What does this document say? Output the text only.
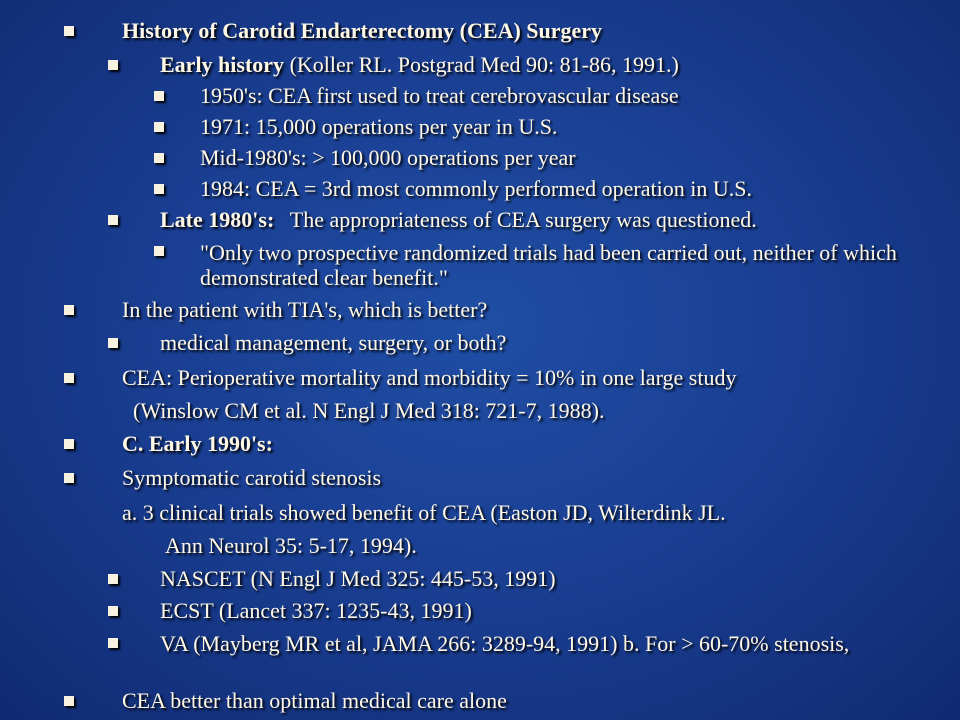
History of Carotid Endarterectomy (CEA) Surgery
Early history (Koller RL. Postgrad Med 90: 81-86, 1991.)
1950's: CEA first used to treat cerebrovascular disease
1971: 15,000 operations per year in U.S.
Mid-1980's: > 100,000 operations per year
1984: CEA = 3rd most commonly performed operation in U.S.
Late 1980's: The appropriateness of CEA surgery was questioned.
"Only two prospective randomized trials had been carried out, neither of which demonstrated clear benefit."
In the patient with TIA's, which is better?
medical management, surgery, or both?
CEA: Perioperative mortality and morbidity = 10% in one large study
(Winslow CM et al. N Engl J Med 318: 721-7, 1988).
C. Early 1990's:
Symptomatic carotid stenosis
a. 3 clinical trials showed benefit of CEA (Easton JD, Wilterdink JL.
Ann Neurol 35: 5-17, 1994).
NASCET (N Engl J Med 325: 445-53, 1991)
ECST (Lancet 337: 1235-43, 1991)
VA (Mayberg MR et al, JAMA 266: 3289-94, 1991) b. For > 60-70% stenosis,
CEA better than optimal medical care alone
